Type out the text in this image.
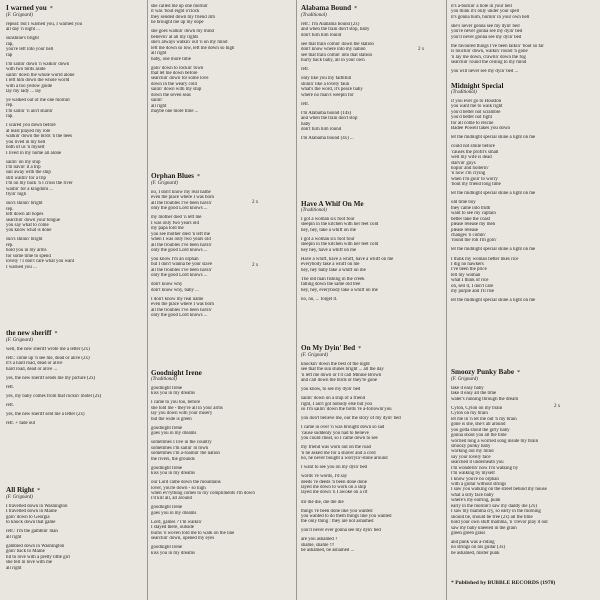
I warned you *
(F. Grignard)
repeat: but I warned you, I warned you
all day 'n night ...
sunshine's bright
rap,
you're left into your hell
rap
I'm sailin' down 'n walkin' down
with two birds aside
sailin' down the whole world alone
I left him down the whole world
with a too yellow guide
lay my lady ... lay
ye walked out of me one mornin'
rep.
I'm sailin' 'n ain't sharin'
rap.
I scared you down before
at least played my role
walkin' down the birds 'n the bees
you lived in my hell
both of us 'n myself
I lived in my home all alone
sailin' on my ship
I'm havin' it a trip
sail away with the ship
still waitin' for a trip
I'm on my back 'n I cross the river
waitin' for a kingdom ...
flyin' high
sun's shinin' bright
rep.
left down all hopes
searchin' down your tongue
you say what to come
you know what is done
sun's shinin' bright
rep.
hold you in my arms
for some time to spend
lovely ! I don't care what you want
I warned you ...
the new sheriff *
(F. Grignard)
well, the new sheriff wrote me a letter (2x)
refr.: come up 'n see me, dead or alive (2x)
it's a hard road, dead or alive
hard road, dead or alive ...
yes, the new sheriff sends me my picture (2x)
refr.
yes, my baby comes from that rockin' motel (2x)
refr.
yes, the new sheriff sent me a letter (2x)
refr. + fade out
All Right *
(F. Grignard)
I travelled down in Washington
I travelled down in Maine
goin' down to Georgia
to knock down that game
refr.: I'm the gamblin' man
all right
gambled down in Washington
goin' back to Maine
hit to love with a pretty little girl
she fell in love with me
all right
she called me up one mornin'
it was 'bout eight o'clock
they sended down my friend Jim
he brought me up my dope
she goes walkin' down my mind
believin' at all my rights
she's always walkin' out 'n on my mind
left me down so low, left me down so high
all right
baby, one more time
goin' down to rockin' town
that let me down before
searchin' down for some love
down in the weary cold
sailin' down with my ship
down the seven seas
sailin'
all right
maybe one more time ...
Orphan Blues *
(F. Grignard)
no, I don't know my real name
even the place where I was born
all the troubles I've been havin'
only the good Lord knows ...
my mother died 'n left me
I was only two years old
my papa told me
you see mother died 'n left me
when I was only two years old
all the troubles I've been havin'
only the good Lord knows ...
you know I'm an orphan
but I don't wanna be your slave
all the troubles I've been havin'
only the good Lord knows ...
don't know why
don't know why, baby ...
I don't know my real name
even the place where I was born
all the troubles I've been havin'
only the good Lord knows ...
Goodnight Irene
(Traditional)
goodnight Irene
kiss you in my dreams
I came to you too, before
she told me - they're all in your arms
lay you down with your misery
but the wide is green
goodnight Irene
goes you in my dreams
sometimes I live in the country
sometimes I'm sailin' in town
sometimes I'm a-roamin' the nation
the rivers, the grounds
goodnight Irene
kiss you in my dreams
our Lord came down the mountains
lover, you're down - so high
when ev'rything comes to my compliments I'm down
I'd kill all, all around
goodnight Irene
goes you in my dreams
Lord, games ? I'm walkin'
I stayed there, outside
burns 'n woven told me to walk on the line
searchin' down, opened my eyes
goodnight Irene
kiss you in my dreams
Alabama Bound *
(Traditional)
refr.: I'm Alabama bound (2x)
and when the train don't stop, baby
don't turn him round
see that train comin' down the station
don't know where into my nation
see that train comin' into that station
hurry back baby, all in your own
refr.
only like you my faithfull
shinin' like a lovely faun
what's the word, it's peace baby
where no man's weepin for
refr.
I'm Alabama bound (14x)
and when the train don't stop
baby
don't turn him round
I'm Alabama bound (4x) ...
Have A Whif On Me
(Traditional)
I got a woman six foot four
sleepin in the kitchen with her feet cold
hey, hey, take a whiff on me
I got a woman six foot four
sleepin in the kitchen with her feet cold
hey hey, have a whiff on me
Have a whiff, have a whiff, have a whiff on me
everybody take a whiff on me
hey, hey baby take a whiff on me
The old man fishing in the creek
falling down the same old tree
hey, hey, everybody take a whiff on me
no, no, ... forget it.
On My Dyin' Bed *
(F. Grignard)
knockin' down the best of the night
see that the sun shines bright ... all the day
'n left me down or I'll call Minnie Brown
and call down the birds or they're gone
you know, to see my dyin' bed
sailin' down on a ship of a friend
right, I ain't got nobody else but you
so I'm sailin' down the birds 're a-followin'you
you don't believe me, our the story of my dyin' bed
I came in over 'n was brought down so sad
'cause suddenly you had to believe
you could cheat, so I came down to see
my friend was worn out on the road
'n he asked me for a shaver and a cord
no, he never bought a worryin'-stone around
I want to see you on my dyin' bed
words 're words, I'd say
deeds 're deeds 'n been done done
layed me down to work on a ship
layed me down 'n I awoke on a rif
dir die die, die die die
things 're been done like you wanted
you wanted to do them things like you wanted
the only thing : they are not ashamed
you'll never ever gonna see my dyin' bed
are you ashamed ?
shame, shame !!!
be ashamed, be ashamed ...
it's a-burnin' a hole in your hell
you think it's only under your spell
it's gonna burn, burnin' in your own hell
she's never gonna see my dyin' bed
you're never gonna see my dyin' bed
you'll never gonna see my dyin' bed
the favoured things I've been talkin' 'bout so far
is touchin' down, walkin' round 'n gone
'n lay me down, crawlin' down the fog
searchin' round the ceiling to my mind
you will never see my dyin' bed ...
Midnight Special
(Traditional)
if you ever go to Houston
you want me to walk right
you'd better not scramble
you'd better not fight
for all come to rescue
Badee Powell takes you down
let the midnight special shine a light on me
could not smile before
'causes the profit's small
well my wife is dead
starvin' guys
hopin' and hollerin'
'n now I'm crying
when I'm goin' to worry
'bout my friend long time
let the midnight special shine a light on me
old time boy
they came into truth
want to see my captain
better take the coast
please release my men
please release
changes 'n comin'
'round the rob I'm goin'
let the midnight special shine a light on me
I think my woman better likes rice
I dig no hawkers
I've been the price
tell my woman
what I think of rice
oh, sell it, I don't care
my purple and I'll rise
let the midnight special shine a light on me
Smoozy Punky Babe *
(F. Grignard)
take it easy baby
take it easy all the time
water's running through the dream
Cylon, Cylon on my brain
Cylon on my brain
let me in 'n let me out 'n my brain
gone is she, she's all around
you gotta shout the girly baby
gonna shout you all the time
worried long a worried song inside my brain
smoozy punky baby
working out my mind
say your lovely face
searched it underneath you
I'm wonderin' now I'm walking by
I'm walking by myself
I know you're no orphan
with a guitar without strings
I saw you walking on the street behind my house
what a silly face baby
where's my earring, punk
early in the mornin'I saw my daddy die (2x)
I saw my mamma cry, so early in the morning
should be, should be free (2x) all the time
hold your own stuff mamma, 'n Trevor play it out
saw my baby kneeled in the grain
green green grass
and punk was a-riding
no strings on his guitar (3x)
be ashamed, mister punk
2 x
2 x
2 x
2 x
* Published by BUBBLE RECORDS (1978)
